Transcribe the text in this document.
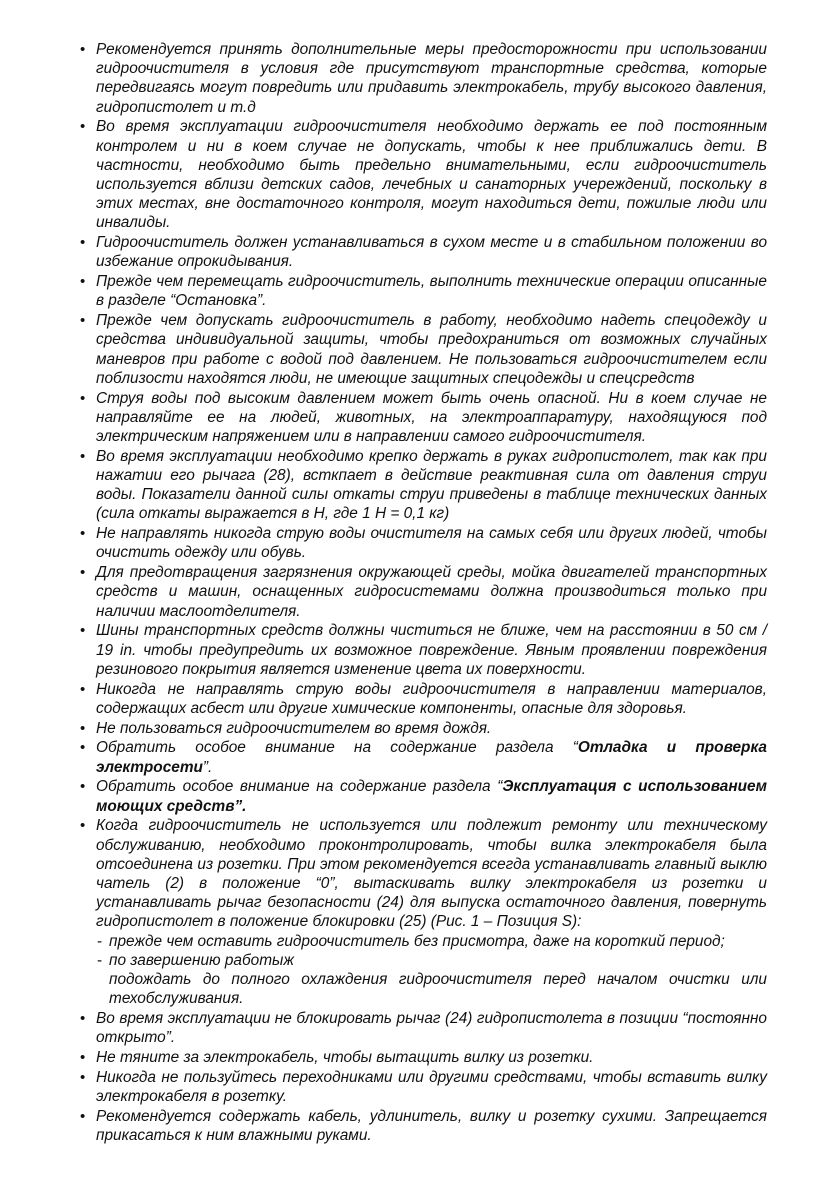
• Рекомендуется принять дополнительные меры предосторожности при использовании гидроочистителя в условия где присутствуют транспортные средства, которые передвигаясь могут повредить или придавить электрокабель, трубу высокого давления, гидропистолет и т.д
• Во время эксплуатации гидроочистителя необходимо держать ее под постоянным контролем и ни в коем случае не допускать, чтобы к нее приближались дети. В частности, необходимо быть предельно внимательными, если гидроочиститель используется вблизи детских садов, лечебных и санаторных учереждений, поскольку в этих местах, вне достаточного контроля, могут находиться дети, пожилые люди или инвалиды.
• Гидроочиститель должен устанавливаться в сухом месте и в стабильном положении во избежание опрокидывания.
• Прежде чем перемещать гидроочиститель, выполнить технические операции описанные в разделе “Остановка”.
• Прежде чем допускать гидроочиститель в работу, необходимо надеть спецодежду и средства индивидуальной защиты, чтобы предохраниться от возможных случайных маневров при работе с водой под давлением. Не пользоваться гидроочистителем если поблизости находятся люди, не имеющие защитных спецодежды и спецсредств
• Струя воды под высоким давлением может быть очень опасной. Ни в коем случае не направляйте ее на людей, животных, на электроаппаратуру, находящуюся под электрическим напряжением или в направлении самого гидроочистителя.
• Во время эксплуатации необходимо крепко держать в руках гидропистолет, так как при нажатии его рычага (28), всткпает в действие реактивная сила от давления струи воды. Показатели данной силы откаты струи приведены в таблице технических данных (сила откаты выражается в Н, где 1 Н = 0,1 кг)
• Не направлять никогда струю воды очистителя на самых себя или других людей, чтобы очистить одежду или обувь.
• Для предотвращения загрязнения окружающей среды, мойка двигателей транспортных средств и машин, оснащенных гидросистемами должна производиться только при наличии маслоотделителя.
• Шины транспортных средств должны чиститься не ближе, чем на расстоянии в 50 см / 19 in. чтобы предупредить их возможное повреждение. Явным проявлении повреждения резинового покрытия является изменение цвета их поверхности.
• Никогда не направлять струю воды гидроочистителя в направлении материалов, содержащих асбест или другие химические компоненты, опасные для здоровья.
• Не пользоваться гидроочистителем во время дождя.
• Обратить особое внимание на содержание раздела “Отладка и проверка электросети”.
• Обратить особое внимание на содержание раздела “Эксплуатация с использованием моющих средств”.
• Когда гидроочиститель не используется или подлежит ремонту или техническому обслуживанию, необходимо проконтролировать, чтобы вилка электрокабеля была отсоединена из розетки. При этом рекомендуется всегда устанавливать главный выклю чатель (2) в положение “0”, вытаскивать вилку электрокабеля из розетки и устанавливать рычаг безопасности (24) для выпуска остаточного давления, повернуть гидропистолет в положение блокировки (25) (Рис. 1 – Позиция S):
- прежде чем оставить гидроочиститель без присмотра, даже на короткий период;
- по завершению работыж
подождать до полного охлаждения гидроочистителя перед началом очистки или техобслуживания.
• Во время эксплуатации не блокировать рычаг (24) гидропистолета в позиции “постоянно открыто”.
• Не тяните за электрокабель, чтобы вытащить вилку из розетки.
• Никогда не пользуйтесь переходниками или другими средствами, чтобы вставить вилку электрокабеля в розетку.
• Рекомендуется содержать кабель, удлинитель, вилку и розетку сухими. Запрещается прикасаться к ним влажными руками.
